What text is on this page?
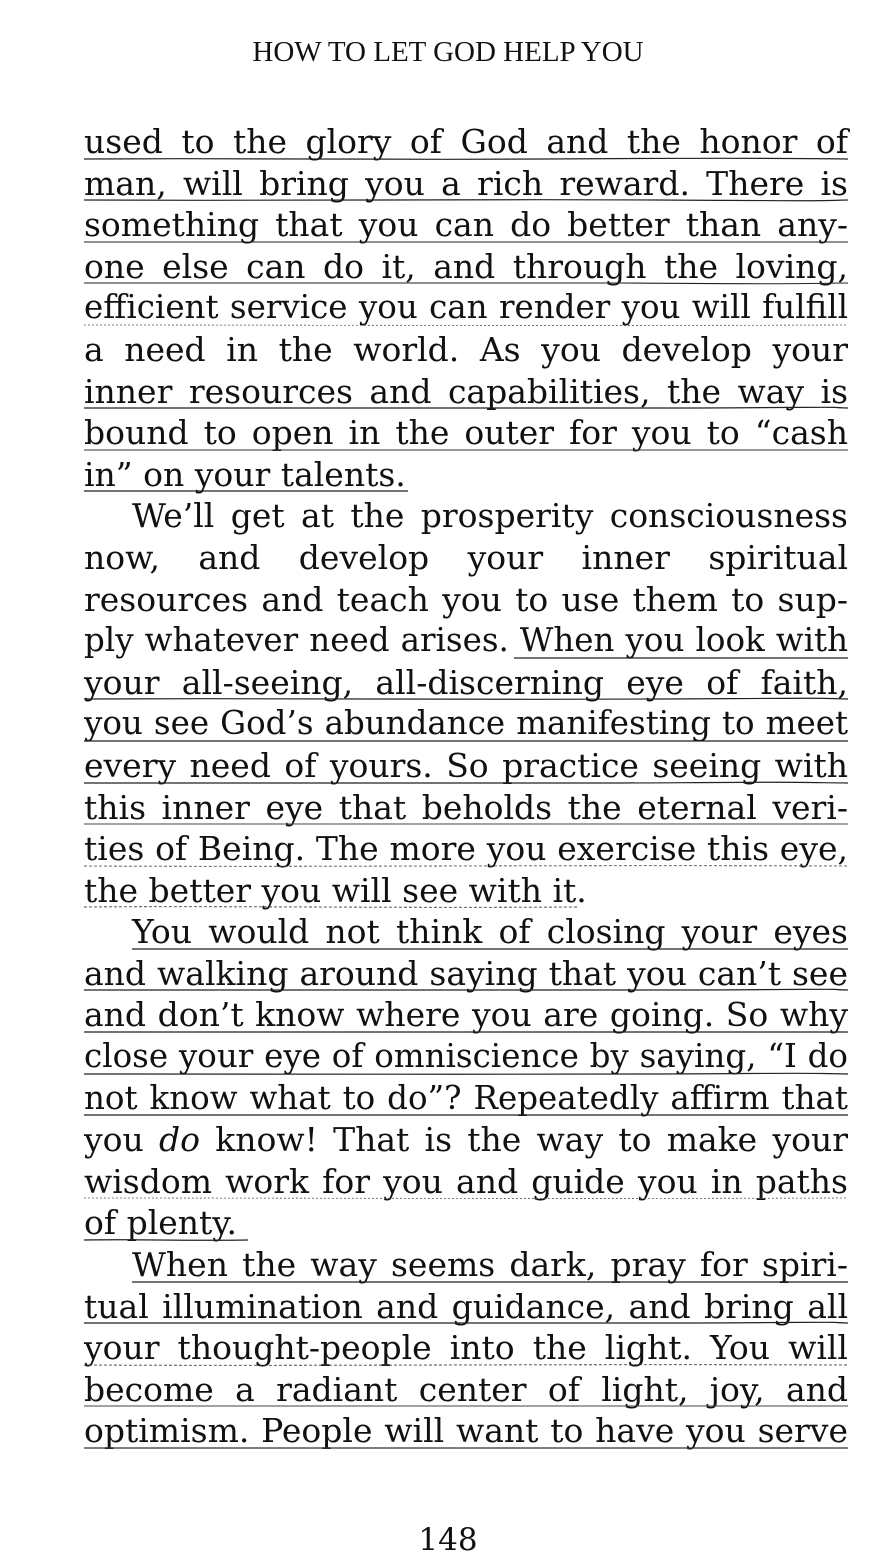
HOW TO LET GOD HELP YOU
used to the glory of God and the honor of
man, will bring you a rich reward. There is
something that you can do better than any-
one else can do it, and through the loving,
efficient service you can render you will fulfill
a need in the world. As you develop your
inner resources and capabilities, the way is
bound to open in the outer for you to “cash
in” on your talents.
We’ll get at the prosperity consciousness
now, and develop your inner spiritual
resources and teach you to use them to sup-
ply whatever need arises. When you look with
your all-seeing, all-discerning eye of faith,
you see God’s abundance manifesting to meet
every need of yours. So practice seeing with
this inner eye that beholds the eternal veri-
ties of Being. The more you exercise this eye,
the better you will see with it.
You would not think of closing your eyes
and walking around saying that you can’t see
and don’t know where you are going. So why
close your eye of omniscience by saying, “I do
not know what to do”? Repeatedly affirm that
you do know! That is the way to make your
wisdom work for you and guide you in paths
of plenty.
When the way seems dark, pray for spiri-
tual illumination and guidance, and bring all
your thought-people into the light. You will
become a radiant center of light, joy, and
optimism. People will want to have you serve
148
